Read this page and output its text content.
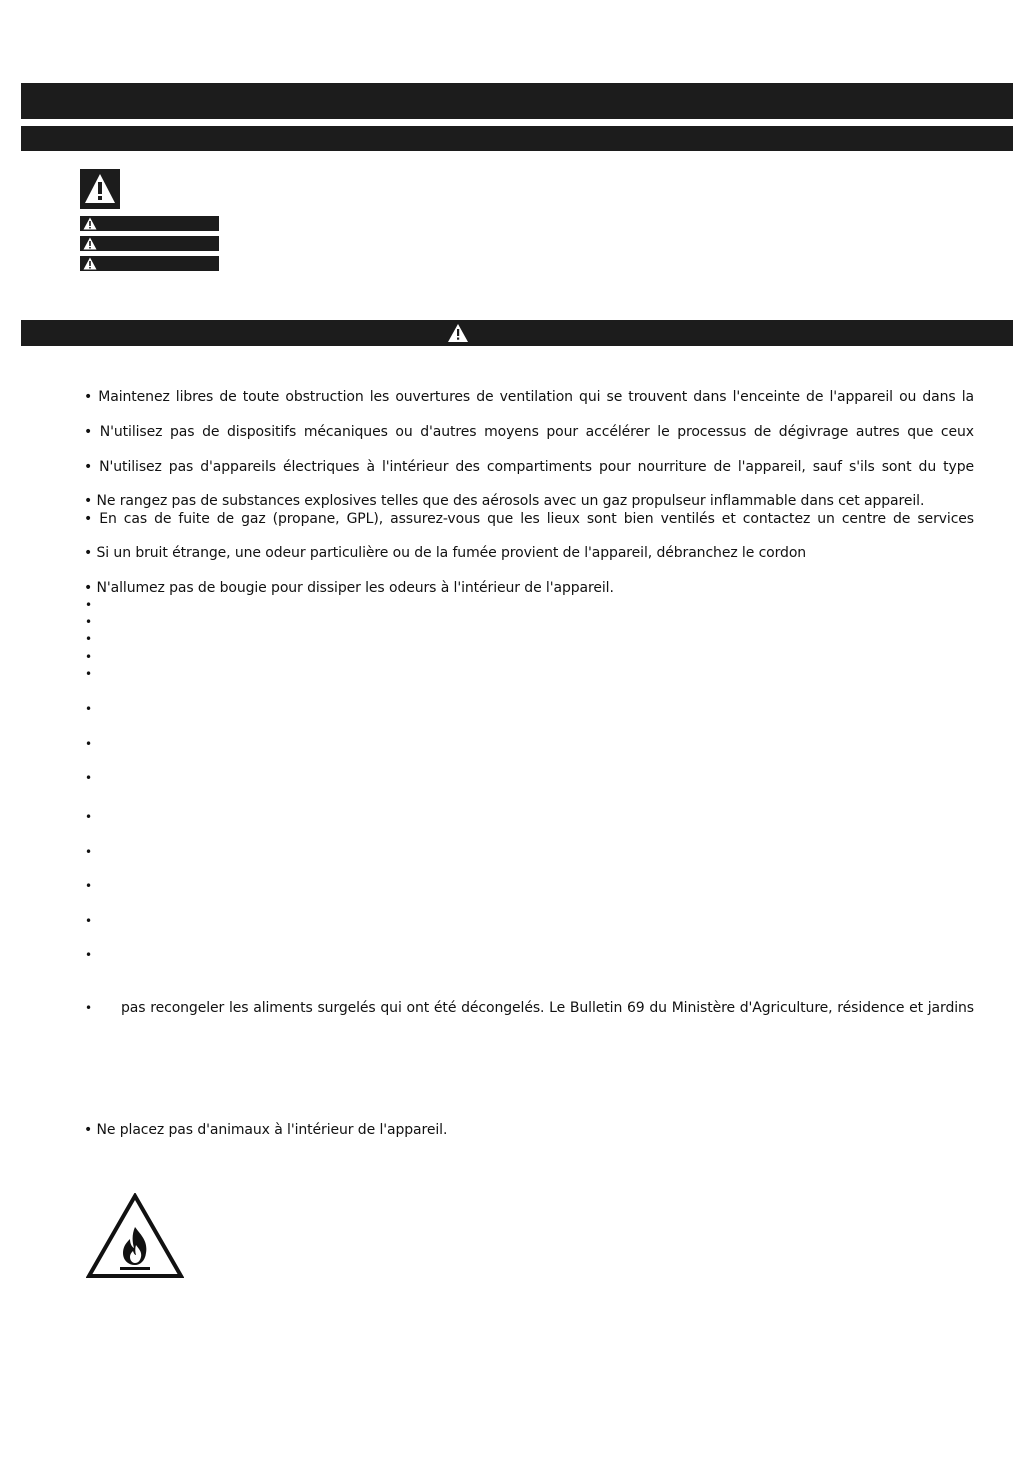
• Maintenez libres de toute obstruction les ouvertures de ventilation qui se trouvent dans l'enceinte de l'appareil ou dans la

• N'utilisez pas de dispositifs mécaniques ou d'autres moyens pour accélérer le processus de dégivrage autres que ceux

• N'utilisez pas d'appareils électriques à l'intérieur des compartiments pour nourriture de l'appareil, sauf s'ils sont du type

• Ne rangez pas de substances explosives telles que des aérosols avec un gaz propulseur inflammable dans cet appareil.

• En cas de fuite de gaz (propane, GPL), assurez-vous que les lieux sont bien ventilés et contactez un centre de services

• Si un bruit étrange, une odeur particulière ou de la fumée provient de l'appareil, débranchez le cordon

• N'allumez pas de bougie pour dissiper les odeurs à l'intérieur de l'appareil.

•
•
•
•
•
•
•
•
•
•
•
•
•
• pas recongeler les aliments surgelés qui ont été décongelés. Le Bulletin 69 du Ministère d'Agriculture, résidence et jardins

• Ne placez pas d'animaux à l'intérieur de l'appareil.
